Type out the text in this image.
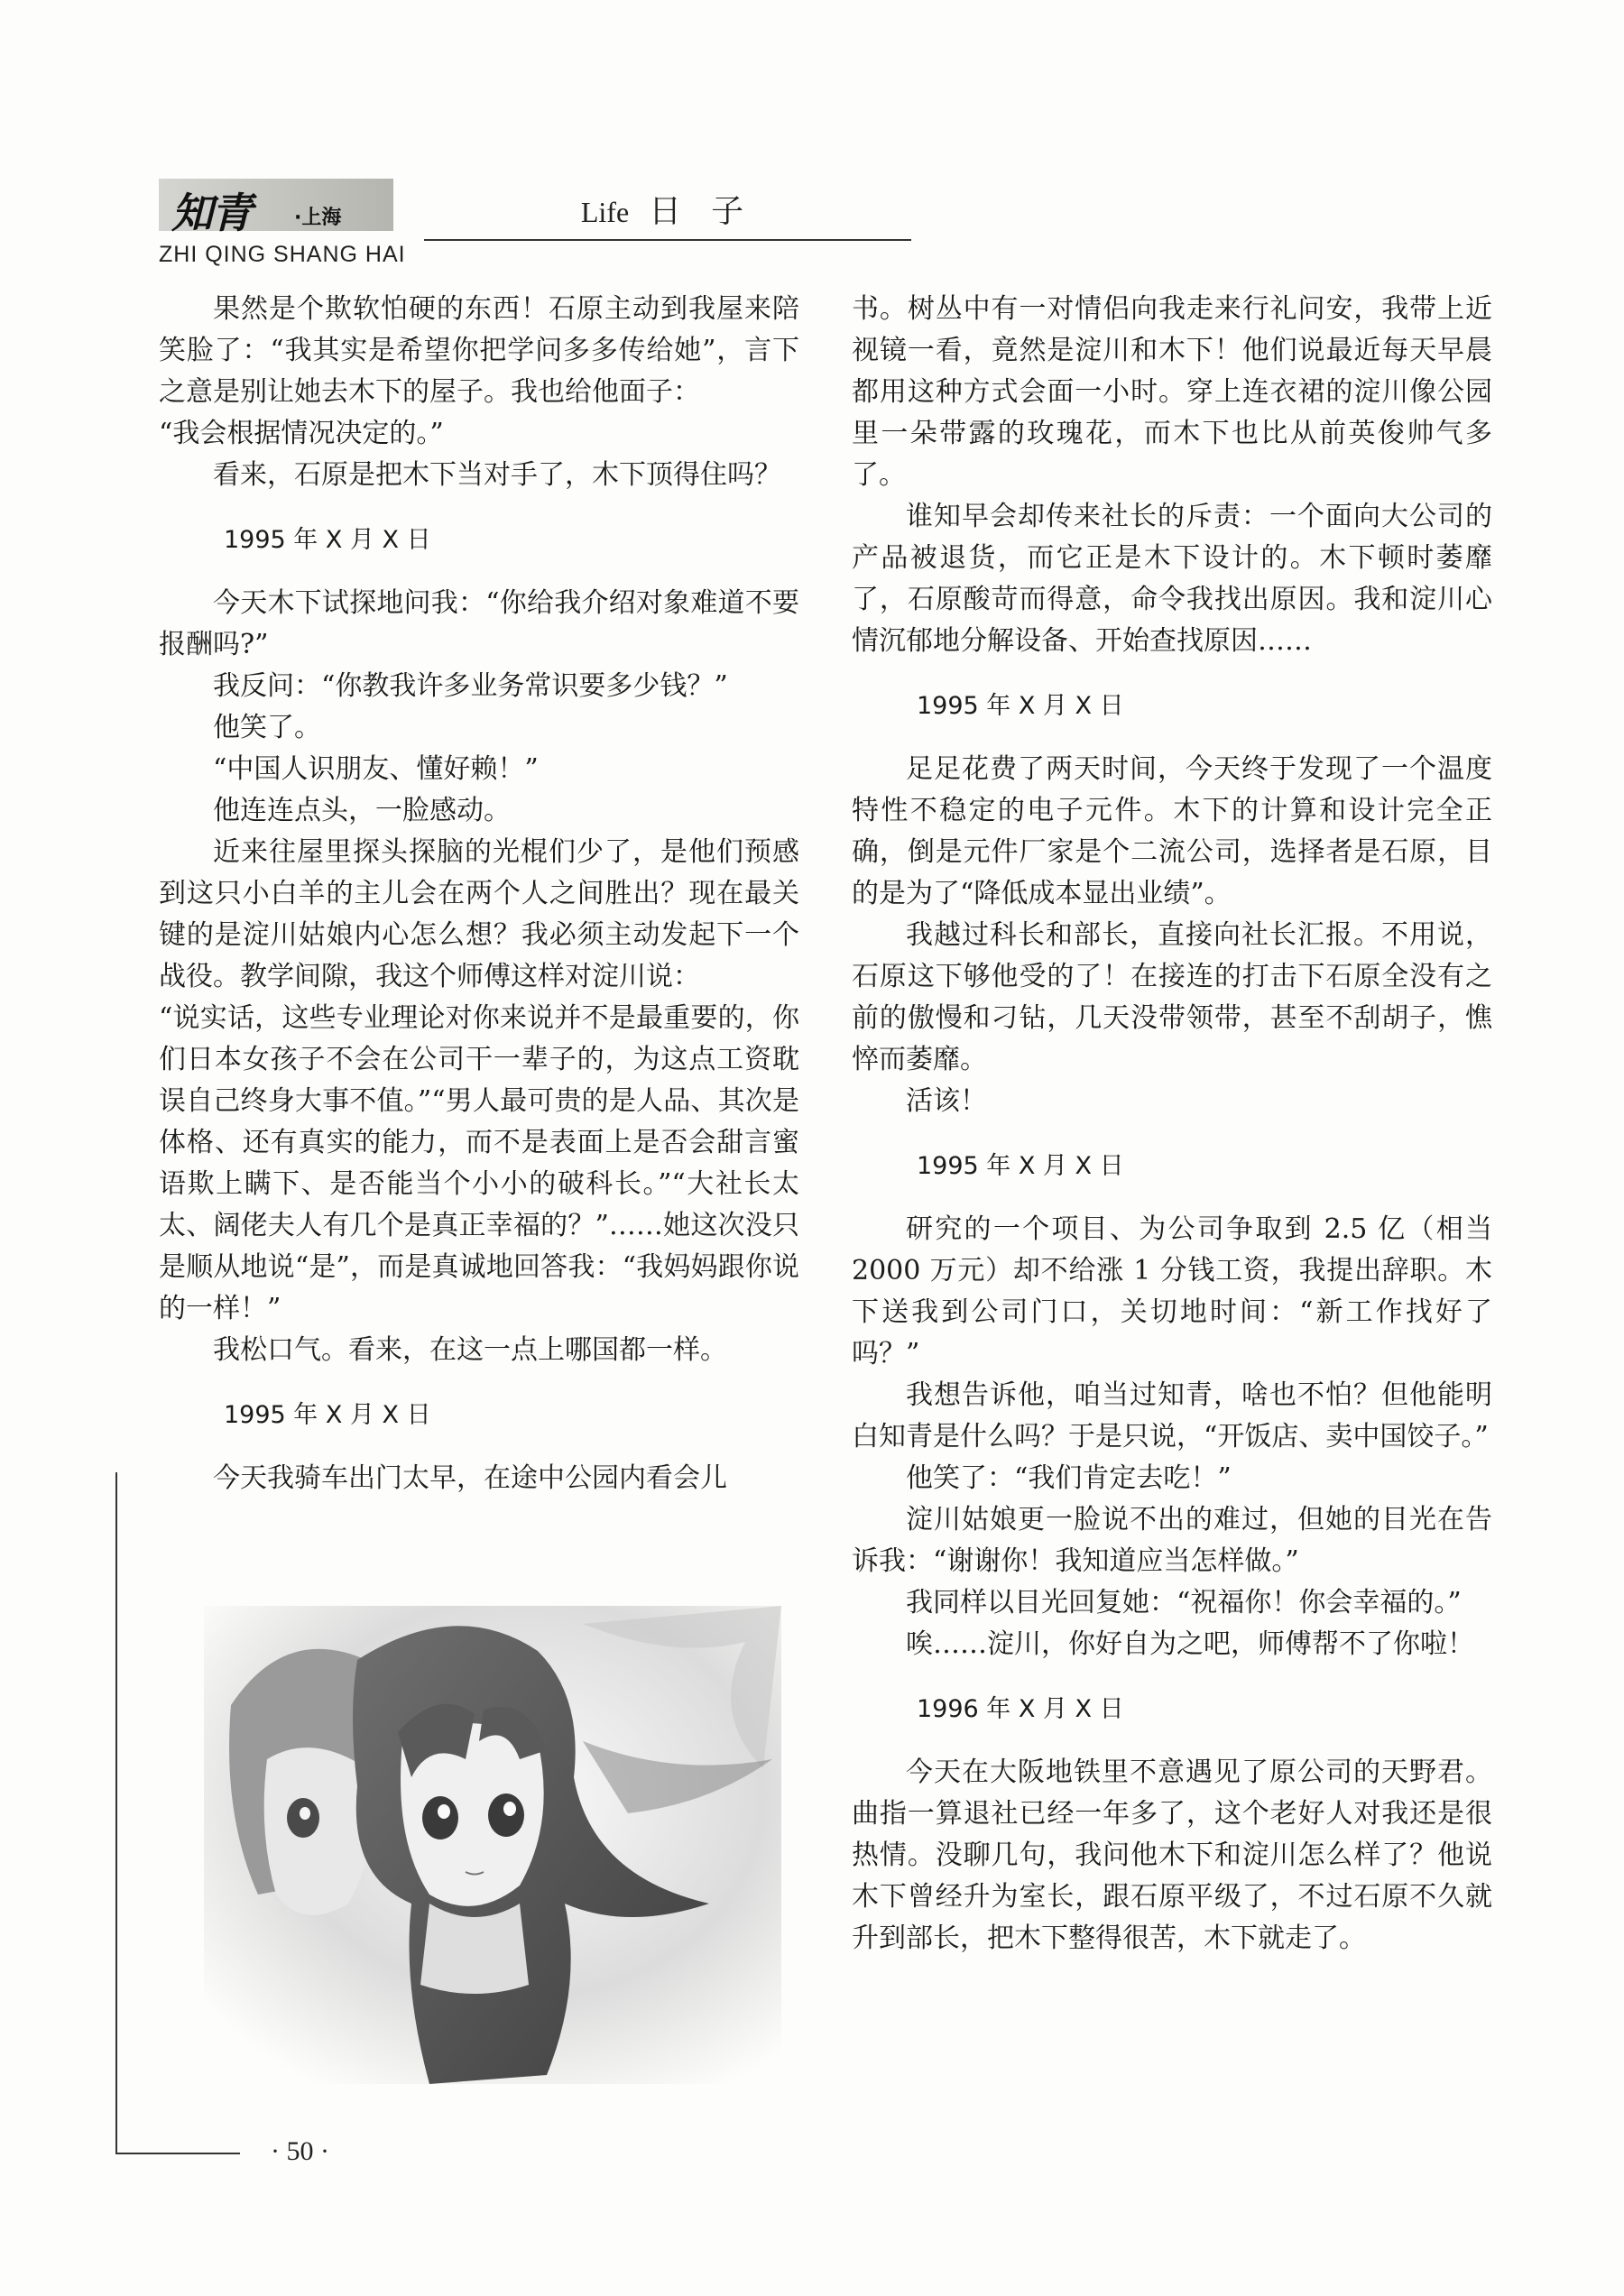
知青 ·上海
ZHI QING SHANG HAI
Life 日 子

果然是个欺软怕硬的东西！石原主动到我屋来陪笑脸了：“我其实是希望你把学问多多传给她”，言下之意是别让她去木下的屋子。我也给他面子：

“我会根据情况决定的。”

看来，石原是把木下当对手了，木下顶得住吗？

1995 年 X 月 X 日

今天木下试探地问我：“你给我介绍对象难道不要报酬吗?”

我反问：“你教我许多业务常识要多少钱？”

他笑了。

“中国人识朋友、懂好赖！”

他连连点头，一脸感动。

近来往屋里探头探脑的光棍们少了，是他们预感到这只小白羊的主儿会在两个人之间胜出？现在最关键的是淀川姑娘内心怎么想？我必须主动发起下一个战役。教学间隙，我这个师傅这样对淀川说：

“说实话，这些专业理论对你来说并不是最重要的，你们日本女孩子不会在公司干一辈子的，为这点工资耽误自己终身大事不值。”“男人最可贵的是人品、其次是体格、还有真实的能力，而不是表面上是否会甜言蜜语欺上瞒下、是否能当个小小的破科长。”“大社长太太、阔佬夫人有几个是真正幸福的？”……她这次没只是顺从地说“是”，而是真诚地回答我：“我妈妈跟你说的一样！”

我松口气。看来，在这一点上哪国都一样。

1995 年 X 月 X 日

今天我骑车出门太早，在途中公园内看会儿

书。树丛中有一对情侣向我走来行礼问安，我带上近视镜一看，竟然是淀川和木下！他们说最近每天早晨都用这种方式会面一小时。穿上连衣裙的淀川像公园里一朵带露的玫瑰花，而木下也比从前英俊帅气多了。

谁知早会却传来社长的斥责：一个面向大公司的产品被退货，而它正是木下设计的。木下顿时萎靡了，石原酸苛而得意，命令我找出原因。我和淀川心情沉郁地分解设备、开始查找原因……

1995 年 X 月 X 日

足足花费了两天时间，今天终于发现了一个温度特性不稳定的电子元件。木下的计算和设计完全正确，倒是元件厂家是个二流公司，选择者是石原，目的是为了“降低成本显出业绩”。

我越过科长和部长，直接向社长汇报。不用说，石原这下够他受的了！在接连的打击下石原全没有之前的傲慢和刁钻，几天没带领带，甚至不刮胡子，憔悴而萎靡。

活该！

1995 年 X 月 X 日

研究的一个项目、为公司争取到 2.5 亿（相当 2000 万元）却不给涨 1 分钱工资，我提出辞职。木下送我到公司门口，关切地时间：“新工作找好了吗？”

我想告诉他，咱当过知青，啥也不怕？但他能明白知青是什么吗？于是只说，“开饭店、卖中国饺子。”

他笑了：“我们肯定去吃！”

淀川姑娘更一脸说不出的难过，但她的目光在告诉我：“谢谢你！我知道应当怎样做。”

我同样以目光回复她：“祝福你！你会幸福的。”

唉……淀川，你好自为之吧，师傅帮不了你啦！

1996 年 X 月 X 日

今天在大阪地铁里不意遇见了原公司的天野君。曲指一算退社已经一年多了，这个老好人对我还是很热情。没聊几句，我问他木下和淀川怎么样了？他说木下曾经升为室长，跟石原平级了，不过石原不久就升到部长，把木下整得很苦，木下就走了。

· 50 ·
